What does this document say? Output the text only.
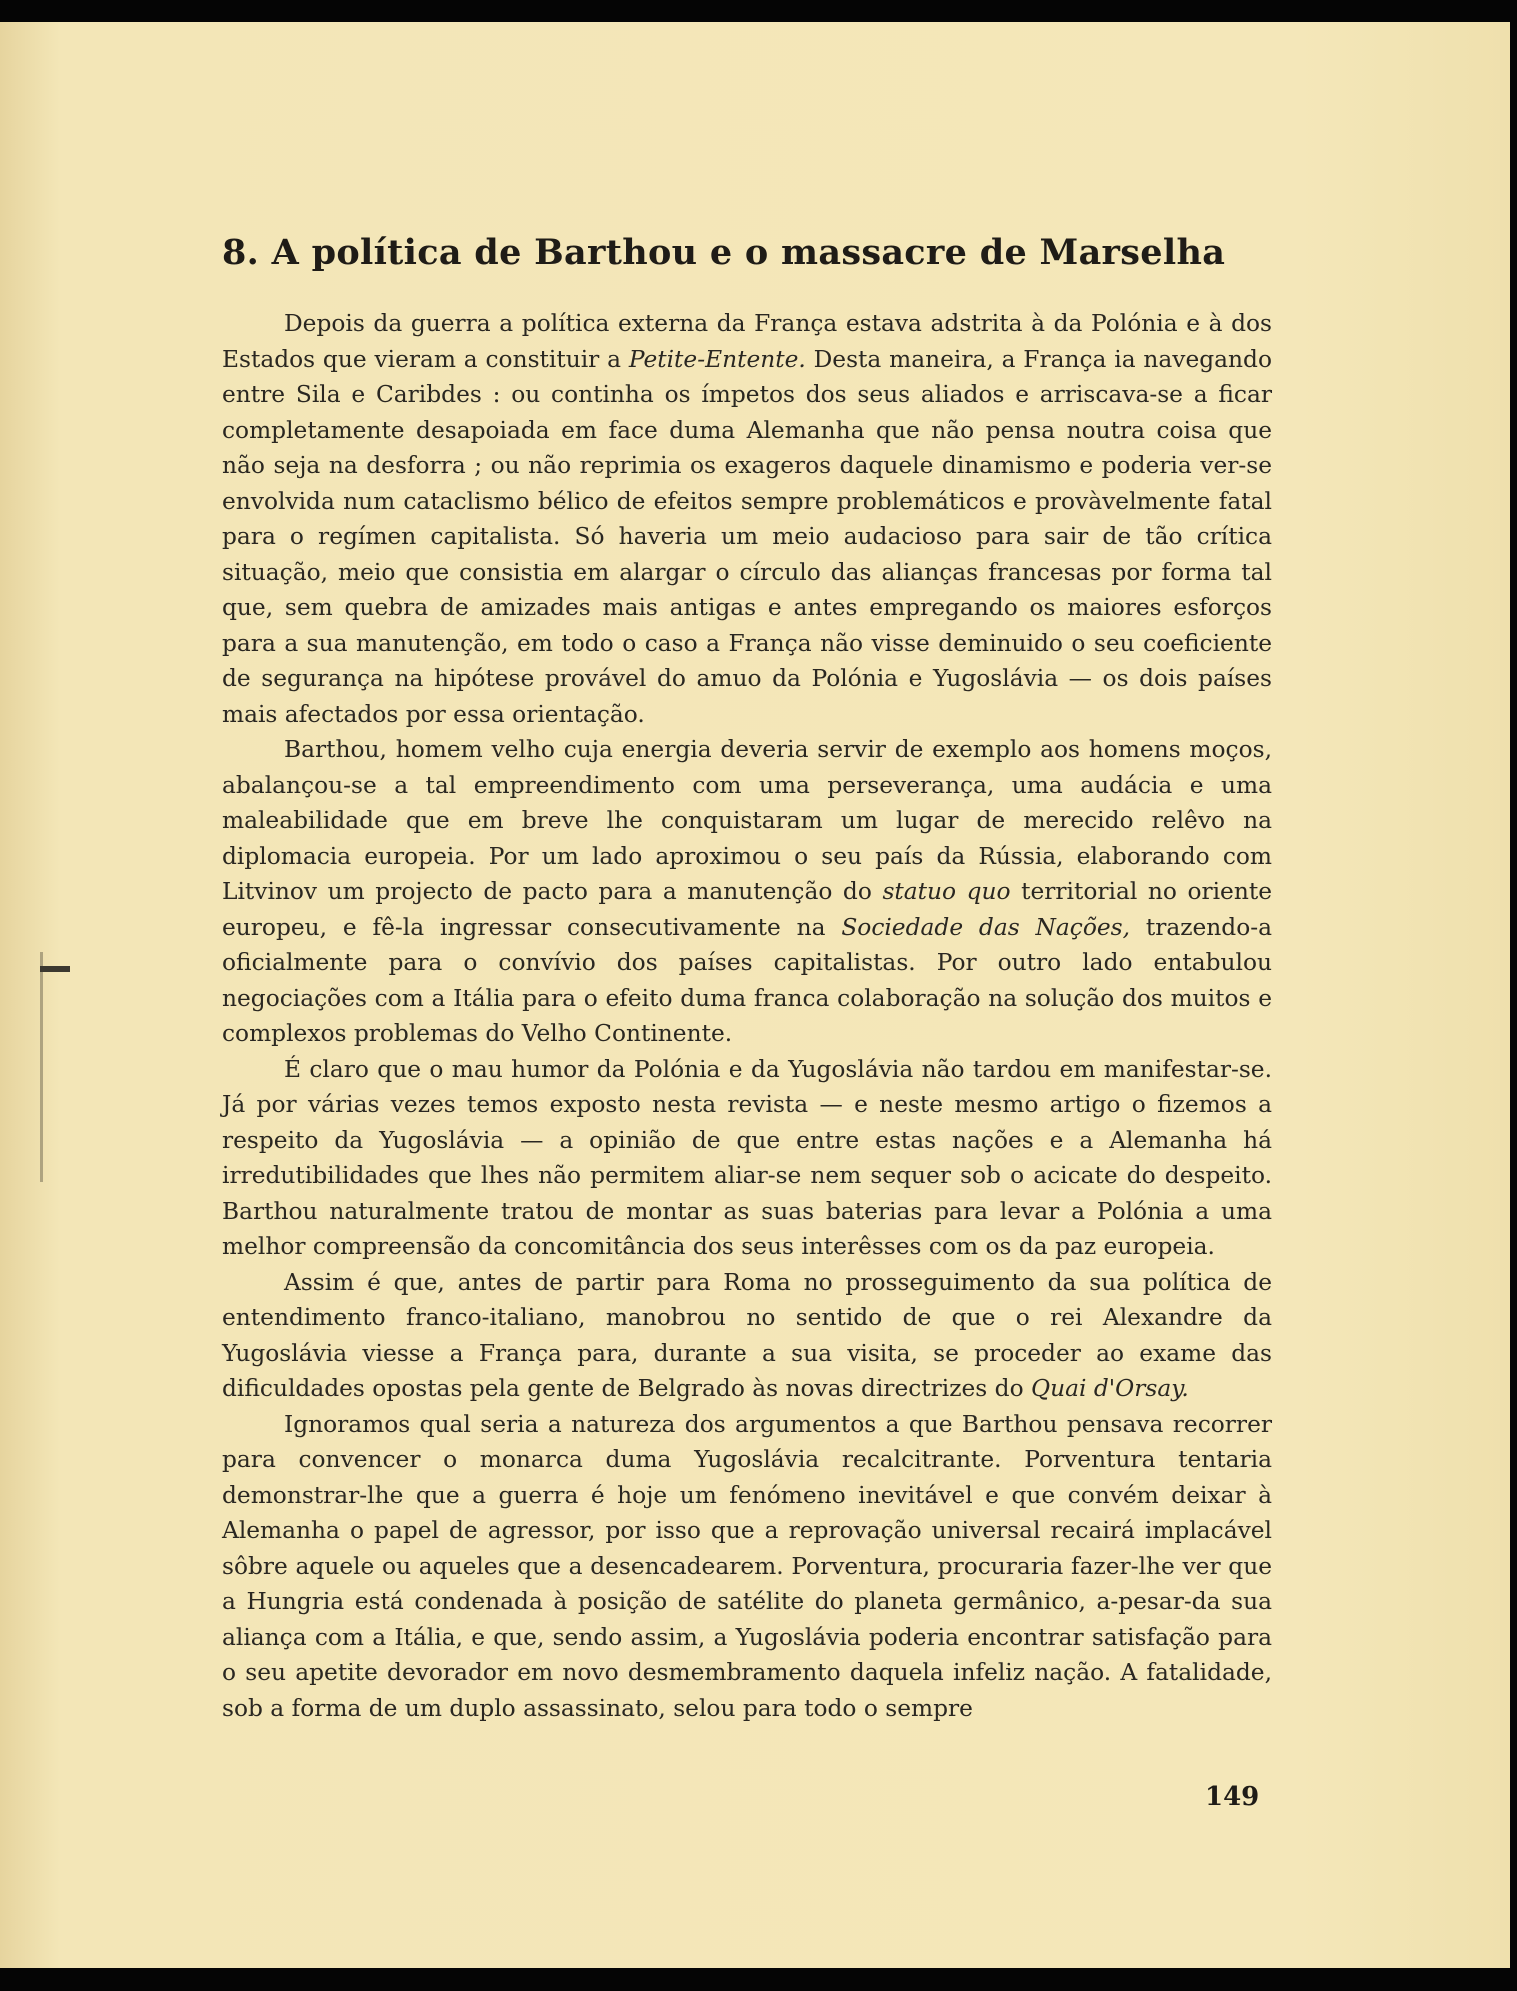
8. A política de Barthou e o massacre de Marselha

Depois da guerra a política externa da França estava adstrita à da Polónia e à dos Estados que vieram a constituir a Petite-Entente. Desta maneira, a França ia navegando entre Sila e Caribdes : ou continha os ímpetos dos seus aliados e arriscava-se a ficar completamente desapoiada em face duma Alemanha que não pensa noutra coisa que não seja na desforra ; ou não reprimia os exageros daquele dinamismo e poderia ver-se envolvida num cataclismo bélico de efeitos sempre problemáticos e provàvelmente fatal para o regímen capitalista. Só haveria um meio audacioso para sair de tão crítica situação, meio que consistia em alargar o círculo das alianças francesas por forma tal que, sem quebra de amizades mais antigas e antes empregando os maiores esforços para a sua manutenção, em todo o caso a França não visse deminuido o seu coeficiente de segurança na hipótese provável do amuo da Polónia e Yugoslávia — os dois países mais afectados por essa orientação.

Barthou, homem velho cuja energia deveria servir de exemplo aos homens moços, abalançou-se a tal empreendimento com uma perseverança, uma audácia e uma maleabilidade que em breve lhe conquistaram um lugar de merecido relêvo na diplomacia europeia. Por um lado aproximou o seu país da Rússia, elaborando com Litvinov um projecto de pacto para a manutenção do statuo quo territorial no oriente europeu, e fê-la ingressar consecutivamente na Sociedade das Nações, trazendo-a oficialmente para o convívio dos países capitalistas. Por outro lado entabulou negociações com a Itália para o efeito duma franca colaboração na solução dos muitos e complexos problemas do Velho Continente.

É claro que o mau humor da Polónia e da Yugoslávia não tardou em manifestar-se. Já por várias vezes temos exposto nesta revista — e neste mesmo artigo o fizemos a respeito da Yugoslávia — a opinião de que entre estas nações e a Alemanha há irredutibilidades que lhes não permitem aliar-se nem sequer sob o acicate do despeito. Barthou naturalmente tratou de montar as suas baterias para levar a Polónia a uma melhor compreensão da concomitância dos seus interêsses com os da paz europeia.

Assim é que, antes de partir para Roma no prosseguimento da sua política de entendimento franco-italiano, manobrou no sentido de que o rei Alexandre da Yugoslávia viesse a França para, durante a sua visita, se proceder ao exame das dificuldades opostas pela gente de Belgrado às novas directrizes do Quai d'Orsay.

Ignoramos qual seria a natureza dos argumentos a que Barthou pensava recorrer para convencer o monarca duma Yugoslávia recalcitrante. Porventura tentaria demonstrar-lhe que a guerra é hoje um fenómeno inevitável e que convém deixar à Alemanha o papel de agressor, por isso que a reprovação universal recairá implacável sôbre aquele ou aqueles que a desencadearem. Porventura, procuraria fazer-lhe ver que a Hungria está condenada à posição de satélite do planeta germânico, a-pesar-da sua aliança com a Itália, e que, sendo assim, a Yugoslávia poderia encontrar satisfação para o seu apetite devorador em novo desmembramento daquela infeliz nação. A fatalidade, sob a forma de um duplo assassinato, selou para todo o sempre

149
